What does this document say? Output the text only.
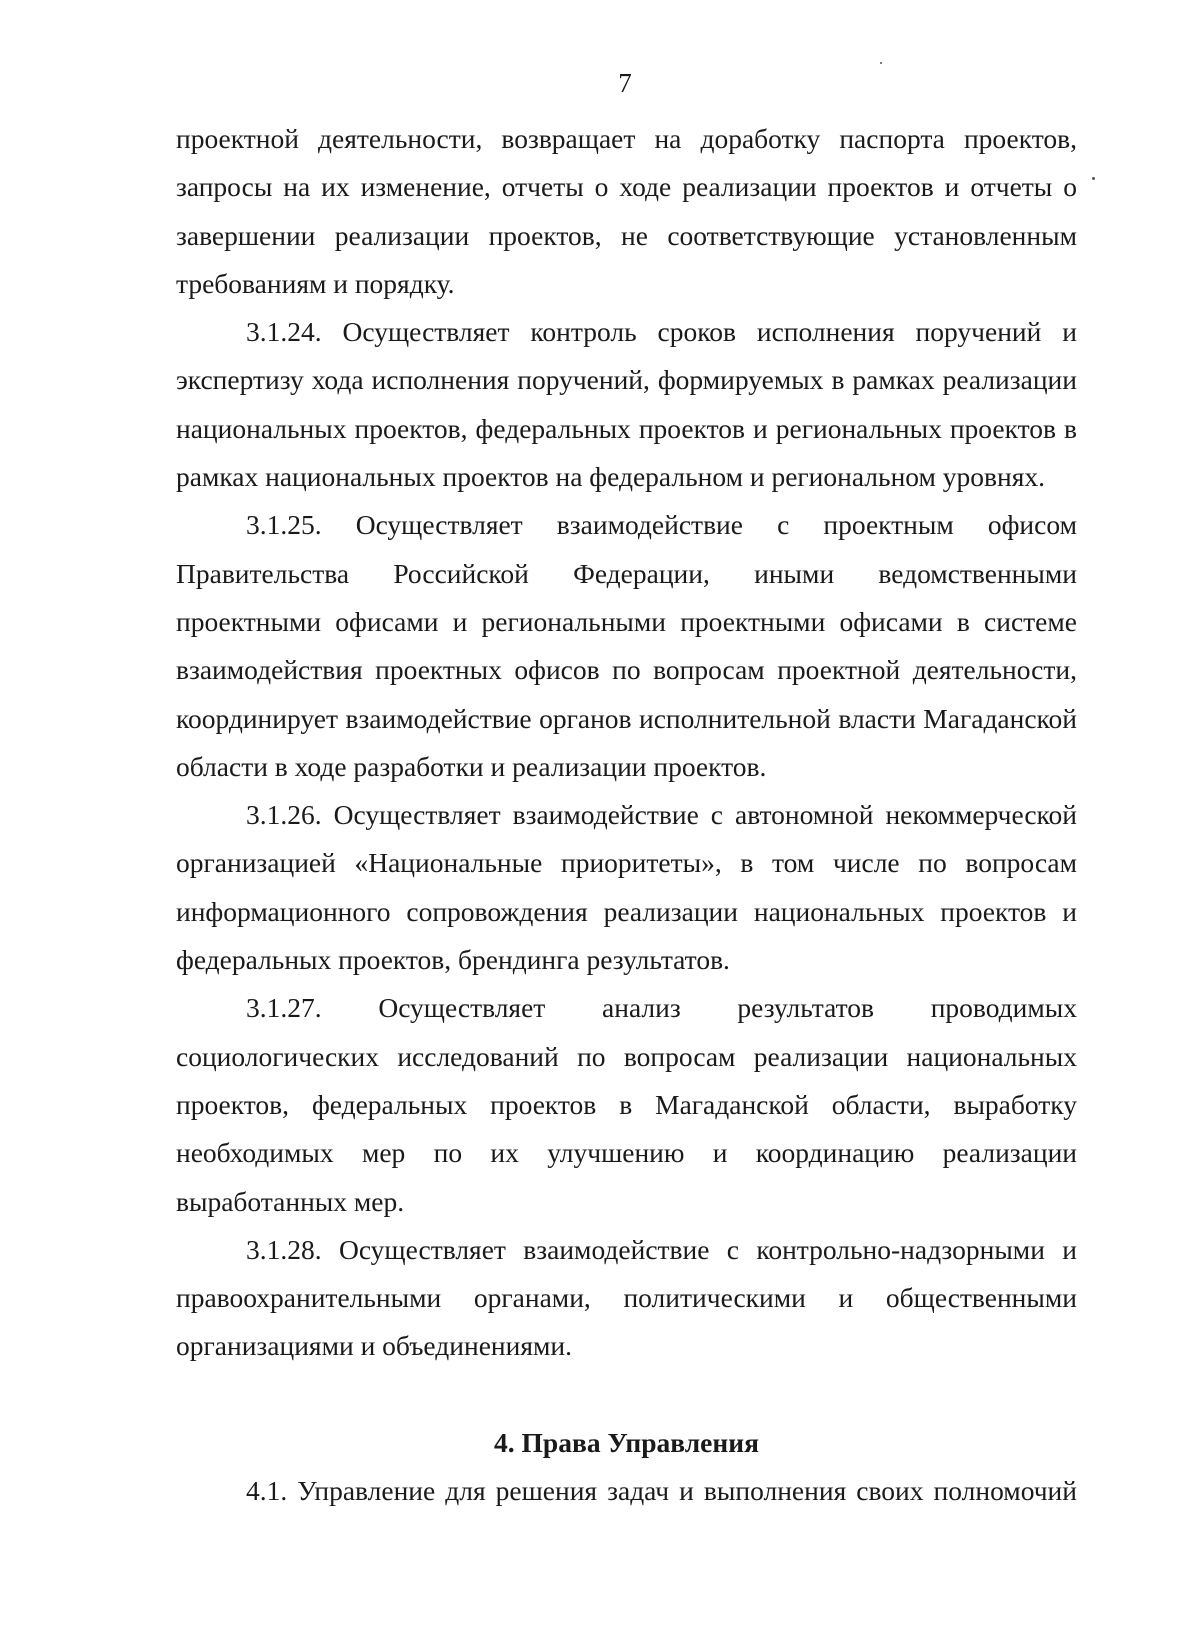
7

проектной деятельности, возвращает на доработку паспорта проектов, запросы на их изменение, отчеты о ходе реализации проектов и отчеты о завершении реализации проектов, не соответствующие установленным требованиям и порядку.

3.1.24. Осуществляет контроль сроков исполнения поручений и экспертизу хода исполнения поручений, формируемых в рамках реализации национальных проектов, федеральных проектов и региональных проектов в рамках национальных проектов на федеральном и региональном уровнях.

3.1.25. Осуществляет взаимодействие с проектным офисом Правительства Российской Федерации, иными ведомственными проектными офисами и региональными проектными офисами в системе взаимодействия проектных офисов по вопросам проектной деятельности, координирует взаимодействие органов исполнительной власти Магаданской области в ходе разработки и реализации проектов.

3.1.26. Осуществляет взаимодействие с автономной некоммерческой организацией «Национальные приоритеты», в том числе по вопросам информационного сопровождения реализации национальных проектов и федеральных проектов, брендинга результатов.

3.1.27. Осуществляет анализ результатов проводимых социологических исследований по вопросам реализации национальных проектов, федеральных проектов в Магаданской области, выработку необходимых мер по их улучшению и координацию реализации выработанных мер.

3.1.28. Осуществляет взаимодействие с контрольно-надзорными и правоохранительными органами, политическими и общественными организациями и объединениями.

4. Права Управления

4.1. Управление для решения задач и выполнения своих полномочий
